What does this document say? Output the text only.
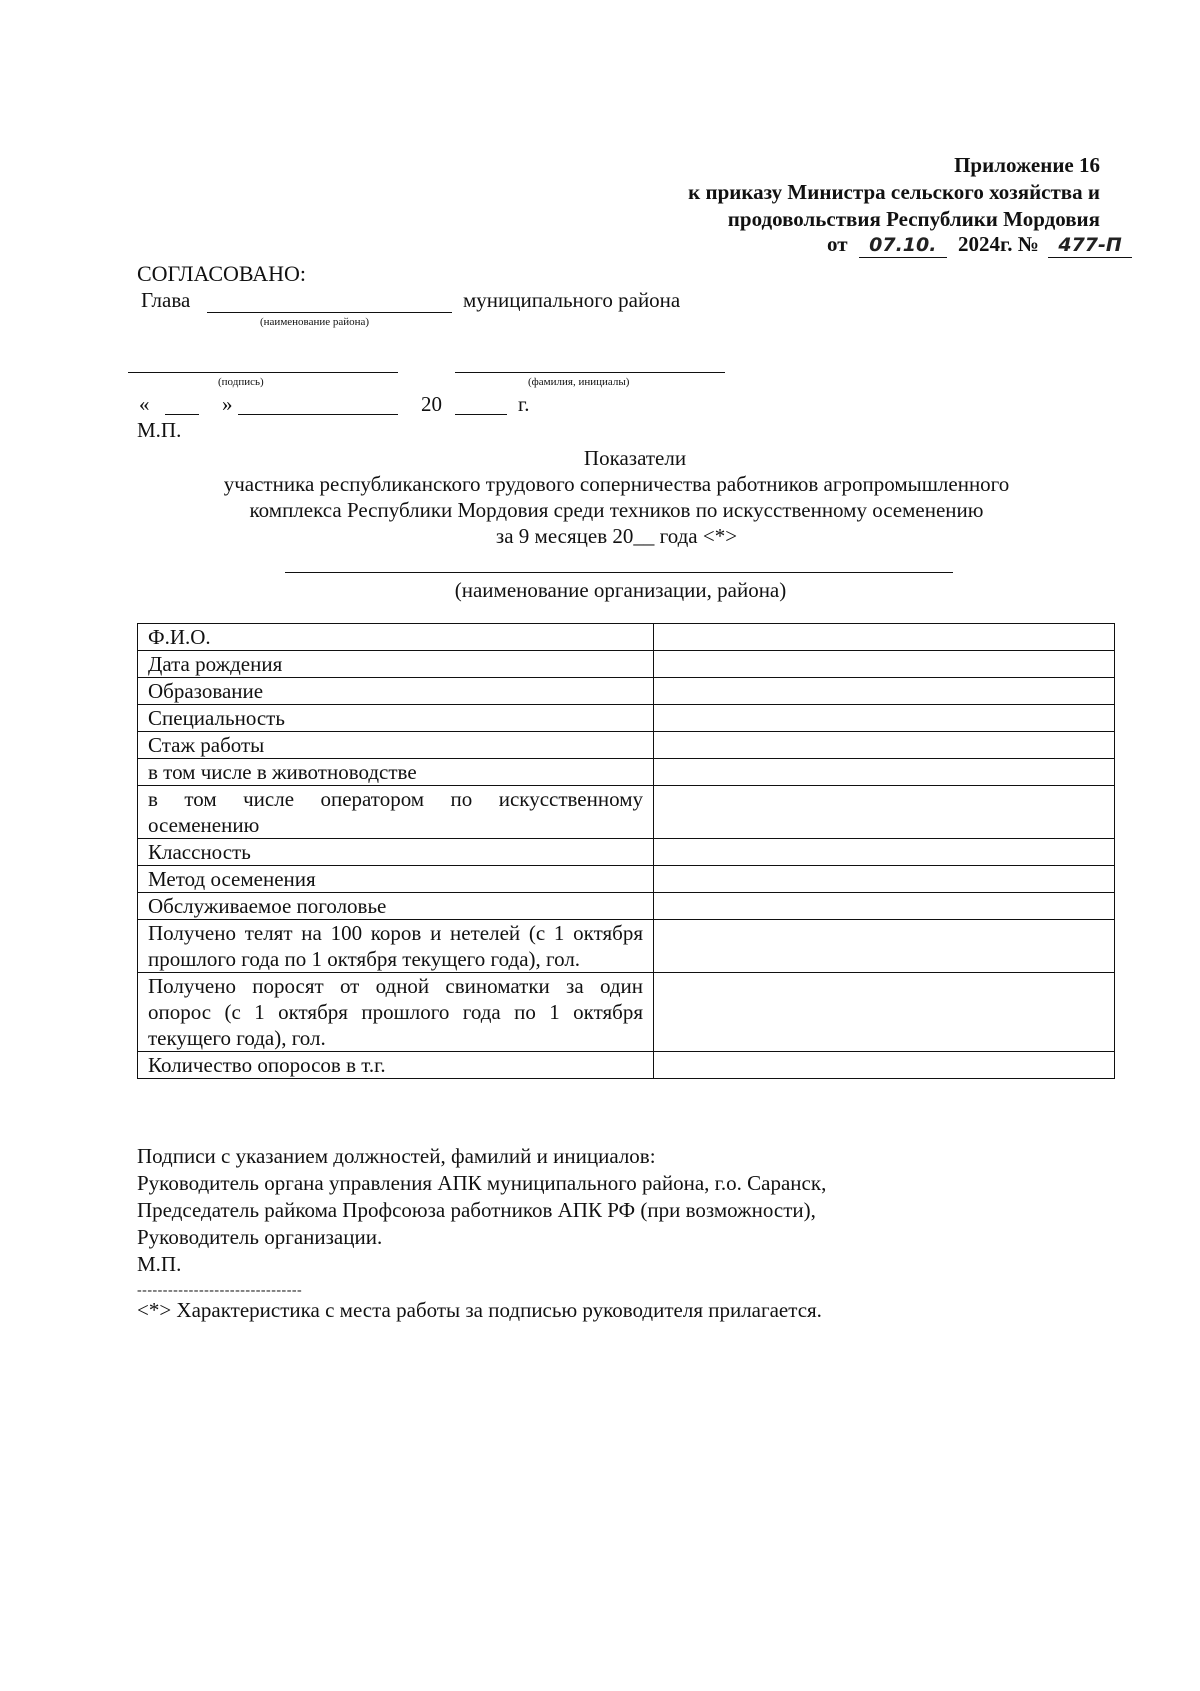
Приложение 16
к приказу Министра сельского хозяйства и
продовольствия Республики Мордовия
от 07.10. 2024г. № 477-П
СОГЛАСОВАНО:
Глава	муниципального района
(наименование района)
(подпись)	(фамилия, инициалы)
«	»	20	г.
М.П.
Показатели
участника республиканского трудового соперничества работников агропромышленного
комплекса Республики Мордовия среди техников по искусственному осеменению
за 9 месяцев 20__ года <*>
(наименование организации, района)
Ф.И.О.	
Дата рождения	
Образование	
Специальность	
Стаж работы	
в том числе в животноводстве	
в том числе оператором по искусственному осеменению	
Классность	
Метод осеменения	
Обслуживаемое поголовье	
Получено телят на 100 коров и нетелей (с 1 октября прошлого года по 1 октября текущего года), гол.	
Получено поросят от одной свиноматки за один опорос (с 1 октября прошлого года по 1 октября текущего года), гол.	
Количество опоросов в т.г.	
Подписи с указанием должностей, фамилий и инициалов:
Руководитель органа управления АПК муниципального района, г.о. Саранск,
Председатель райкома Профсоюза работников АПК РФ (при возможности),
Руководитель организации.
М.П.
--------------------------------
<*> Характеристика с места работы за подписью руководителя прилагается.
